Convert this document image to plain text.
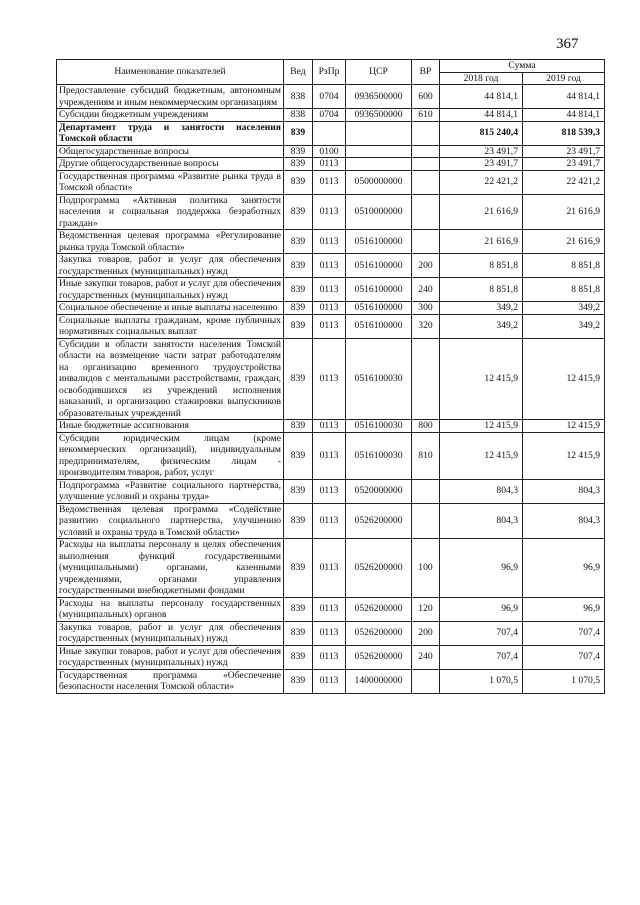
367
Наименование показателей	Вед	РзПр	ЦСР	ВР	Сумма	
					2018 год	2019 год
Предоставление субсидий бюджетным, автономным учреждениям и иным некоммерческим организациям	838	0704	0936500000	600	44 814,1	44 814,1
Субсидии бюджетным учреждениям	838	0704	0936500000	610	44 814,1	44 814,1
Департамент труда и занятости населения Томской области	839				815 240,4	818 539,3
Общегосударственные вопросы	839	0100			23 491,7	23 491,7
Другие общегосударственные вопросы	839	0113			23 491,7	23 491,7
Государственная программа «Развитие рынка труда в Томской области»	839	0113	0500000000		22 421,2	22 421,2
Подпрограмма «Активная политика занятости населения и социальная поддержка безработных граждан»	839	0113	0510000000		21 616,9	21 616,9
Ведомственная целевая программа «Регулирование рынка труда Томской области»	839	0113	0516100000		21 616,9	21 616,9
Закупка товаров, работ и услуг для обеспечения государственных (муниципальных) нужд	839	0113	0516100000	200	8 851,8	8 851,8
Иные закупки товаров, работ и услуг для обеспечения государственных (муниципальных) нужд	839	0113	0516100000	240	8 851,8	8 851,8
Социальное обеспечение и иные выплаты населению	839	0113	0516100000	300	349,2	349,2
Социальные выплаты гражданам, кроме публичных нормативных социальных выплат	839	0113	0516100000	320	349,2	349,2
Субсидии в области занятости населения Томской области на возмещение части затрат работодателям на организацию временного трудоустройства инвалидов с ментальными расстройствами, граждан, освободившихся из учреждений исполнения наказаний, и организацию стажировки выпускников образовательных учреждений	839	0113	0516100030		12 415,9	12 415,9
Иные бюджетные ассигнования	839	0113	0516100030	800	12 415,9	12 415,9
Субсидии юридическим лицам (кроме некоммерческих организаций), индивидуальным предпринимателям, физическим лицам - производителям товаров, работ, услуг	839	0113	0516100030	810	12 415,9	12 415,9
Подпрограмма «Развитие социального партнерства, улучшение условий и охраны труда»	839	0113	0520000000		804,3	804,3
Ведомственная целевая программа «Содействие развитию социального партнерства, улучшению условий и охраны труда в Томской области»	839	0113	0526200000		804,3	804,3
Расходы на выплаты персоналу в целях обеспечения выполнения функций государственными (муниципальными) органами, казенными учреждениями, органами управления государственными внебюджетными фондами	839	0113	0526200000	100	96,9	96,9
Расходы на выплаты персоналу государственных (муниципальных) органов	839	0113	0526200000	120	96,9	96,9
Закупка товаров, работ и услуг для обеспечения государственных (муниципальных) нужд	839	0113	0526200000	200	707,4	707,4
Иные закупки товаров, работ и услуг для обеспечения государственных (муниципальных) нужд	839	0113	0526200000	240	707,4	707,4
Государственная программа «Обеспечение безопасности населения Томской области»	839	0113	1400000000		1 070,5	1 070,5
